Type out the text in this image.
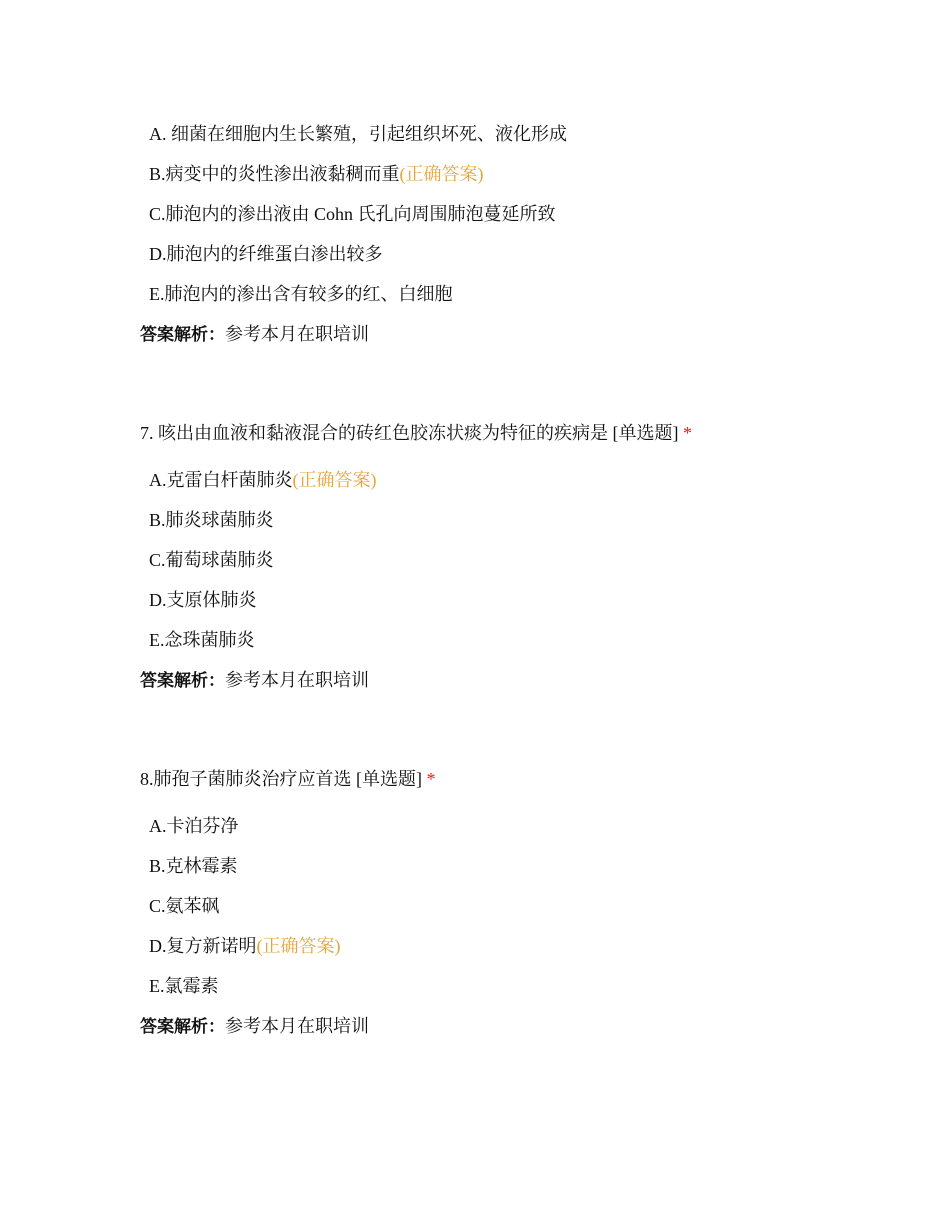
A. 细菌在细胞内生长繁殖，引起组织坏死、液化形成
B.病变中的炎性渗出液黏稠而重(正确答案)
C.肺泡内的渗出液由 Cohn 氏孔向周围肺泡蔓延所致
D.肺泡内的纤维蛋白渗出较多
E.肺泡内的渗出含有较多的红、白细胞
答案解析：参考本月在职培训
7. 咳出由血液和黏液混合的砖红色胶冻状痰为特征的疾病是 [单选题] *
A.克雷白杆菌肺炎(正确答案)
B.肺炎球菌肺炎
C.葡萄球菌肺炎
D.支原体肺炎
E.念珠菌肺炎
答案解析：参考本月在职培训
8.肺孢子菌肺炎治疗应首选 [单选题] *
A.卡泊芬净
B.克林霉素
C.氨苯砜
D.复方新诺明(正确答案)
E.氯霉素
答案解析：参考本月在职培训
